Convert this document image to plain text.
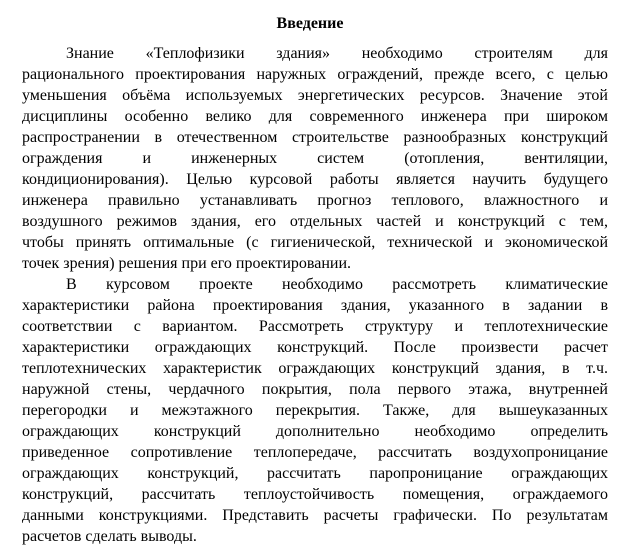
Введение

Знание «Теплофизики здания» необходимо строителям для
рационального проектирования наружных ограждений, прежде всего, с целью
уменьшения объёма используемых энергетических ресурсов. Значение этой
дисциплины особенно велико для современного инженера при широком
распространении в отечественном строительстве разнообразных конструкций
ограждения и инженерных систем (отопления, вентиляции,
кондиционирования). Целью курсовой работы является научить будущего
инженера правильно устанавливать прогноз теплового, влажностного и
воздушного режимов здания, его отдельных частей и конструкций с тем,
чтобы принять оптимальные (с гигиенической, технической и экономической
точек зрения) решения при его проектировании.

В курсовом проекте необходимо рассмотреть климатические
характеристики района проектирования здания, указанного в задании в
соответствии с вариантом. Рассмотреть структуру и теплотехнические
характеристики ограждающих конструкций. После произвести расчет
теплотехнических характеристик ограждающих конструкций здания, в т.ч.
наружной стены, чердачного покрытия, пола первого этажа, внутренней
перегородки и межэтажного перекрытия. Также, для вышеуказанных
ограждающих конструкций дополнительно необходимо определить
приведенное сопротивление теплопередаче, рассчитать воздухопроницание
ограждающих конструкций, рассчитать паропроницание ограждающих
конструкций, рассчитать теплоустойчивость помещения, ограждаемого
данными конструкциями. Представить расчеты графически. По результатам
расчетов сделать выводы.
